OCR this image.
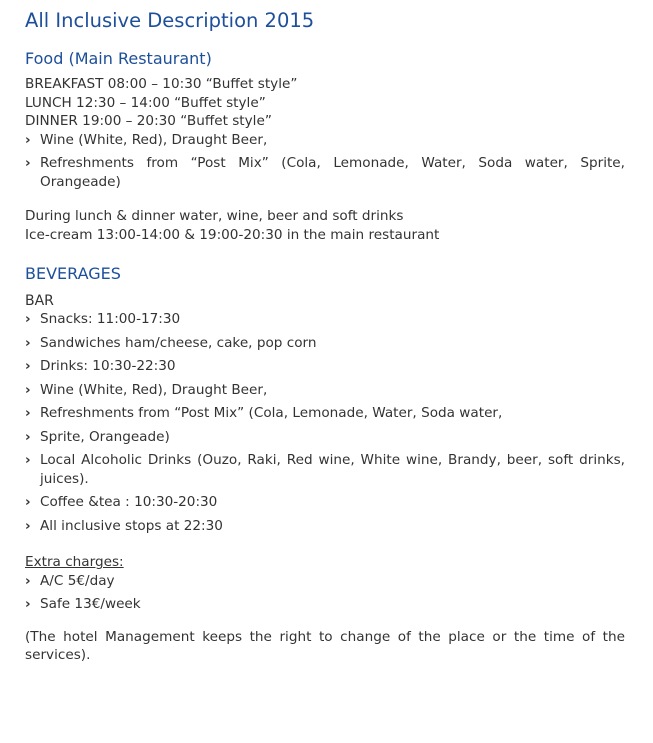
All Inclusive Description 2015
Food (Main Restaurant)
BREAKFAST 08:00 – 10:30 “Buffet style”
LUNCH 12:30 – 14:00 “Buffet style”
DINNER 19:00 – 20:30 “Buffet style”
› Wine (White, Red), Draught Beer,
› Refreshments from “Post Mix” (Cola, Lemonade, Water, Soda water, Sprite, Orangeade)
During lunch & dinner water, wine, beer and soft drinks
Ice-cream 13:00-14:00 & 19:00-20:30 in the main restaurant
BEVERAGES
BAR
› Snacks: 11:00-17:30
› Sandwiches ham/cheese, cake, pop corn
› Drinks: 10:30-22:30
› Wine (White, Red), Draught Beer,
› Refreshments from “Post Mix” (Cola, Lemonade, Water, Soda water,
› Sprite, Orangeade)
› Local Alcoholic Drinks (Ouzo, Raki, Red wine, White wine, Brandy, beer, soft drinks, juices).
› Coffee &tea : 10:30-20:30
› All inclusive stops at 22:30
Extra charges:
› A/C 5€/day
› Safe 13€/week
(The hotel Management keeps the right to change of the place or the time of the services).
